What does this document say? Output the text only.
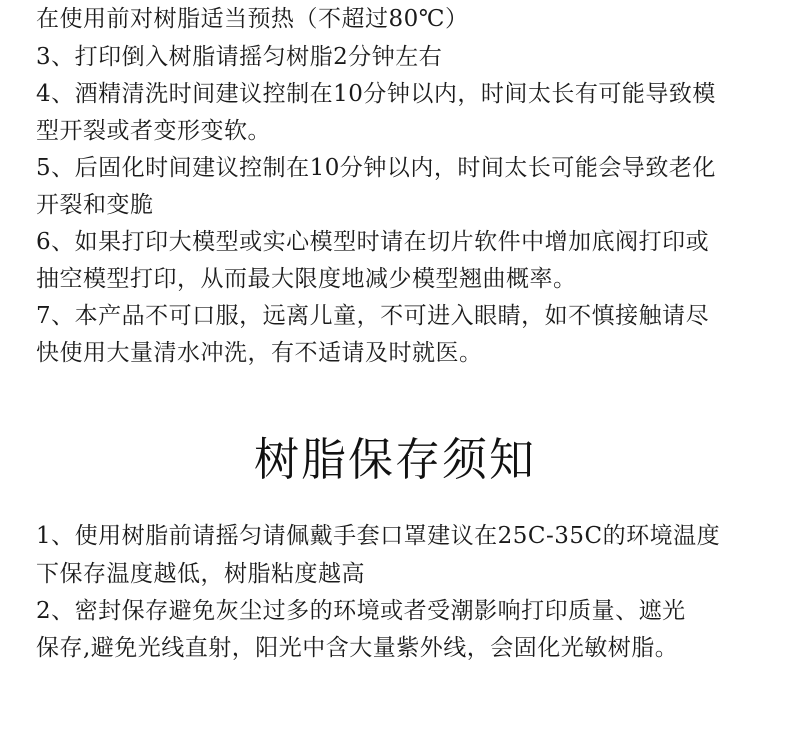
在使用前对树脂适当预热（不超过80℃）
3、打印倒入树脂请摇匀树脂2分钟左右
4、酒精清洗时间建议控制在10分钟以内，时间太长有可能导致模
型开裂或者变形变软。
5、后固化时间建议控制在10分钟以内，时间太长可能会导致老化
开裂和变脆
6、如果打印大模型或实心模型时请在切片软件中增加底阀打印或
抽空模型打印，从而最大限度地减少模型翘曲概率。
7、本产品不可口服，远离儿童，不可进入眼睛，如不慎接触请尽
快使用大量清水冲洗，有不适请及时就医。
树脂保存须知
1、使用树脂前请摇匀请佩戴手套口罩建议在25C-35C的环境温度
下保存温度越低，树脂粘度越高
2、密封保存避免灰尘过多的环境或者受潮影响打印质量、遮光
保存,避免光线直射，阳光中含大量紫外线，会固化光敏树脂。
